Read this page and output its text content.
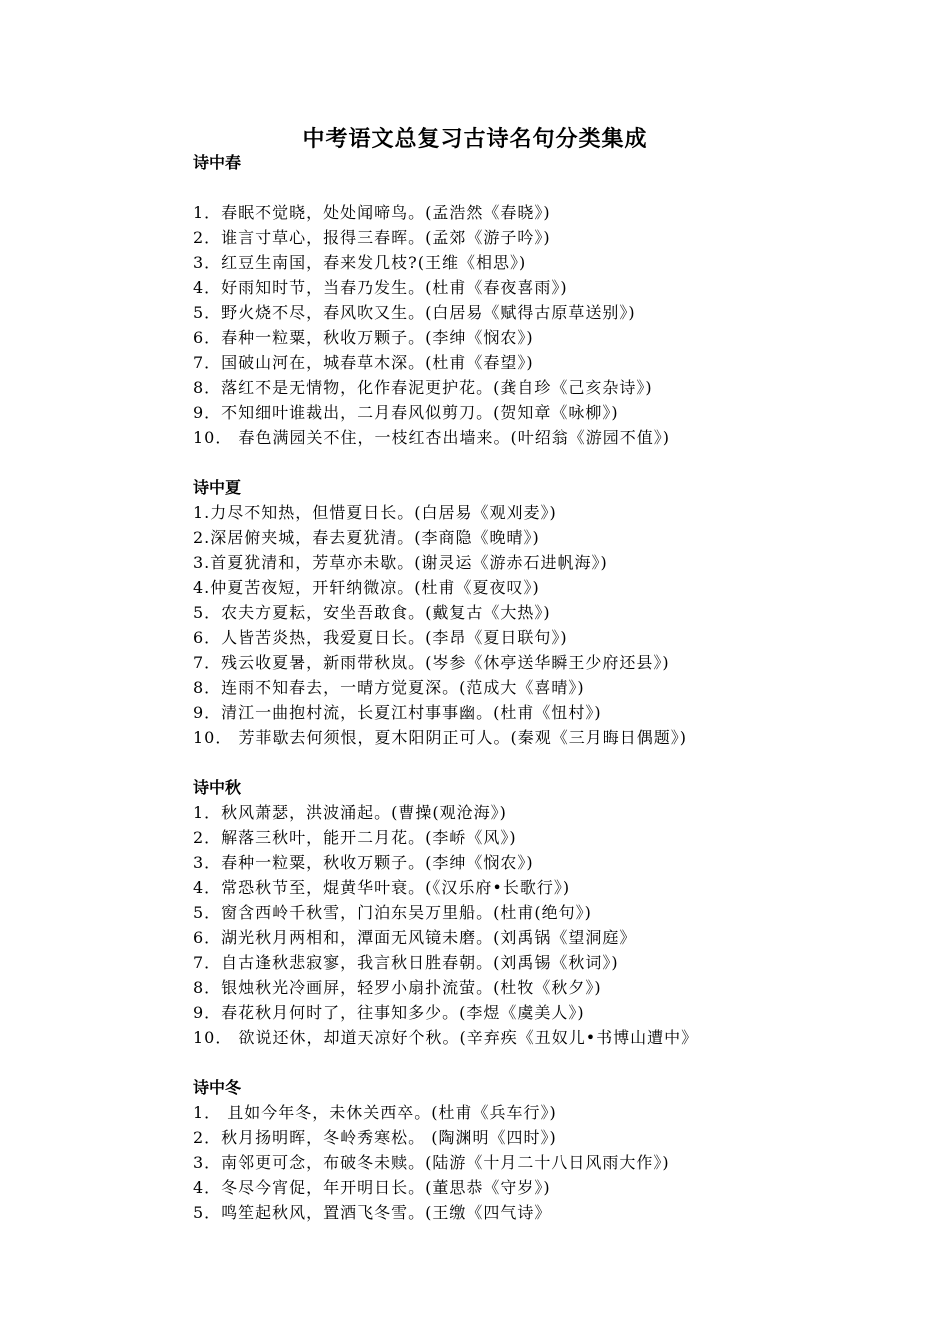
中考语文总复习古诗名句分类集成
诗中春
1．春眠不觉晓，处处闻啼鸟。(孟浩然《春晓》)
2．谁言寸草心，报得三春晖。(孟郊《游子吟》)
3．红豆生南国，春来发几枝?(王维《相思》)
4．好雨知时节，当春乃发生。(杜甫《春夜喜雨》)
5．野火烧不尽，春风吹又生。(白居易《赋得古原草送别》)
6．春种一粒粟，秋收万颗子。(李绅《悯农》)
7．国破山河在，城春草木深。(杜甫《春望》)
8．落红不是无情物，化作春泥更护花。(龚自珍《己亥杂诗》)
9．不知细叶谁裁出，二月春风似剪刀。(贺知章《咏柳》)
10． 春色满园关不住，一枝红杏出墙来。(叶绍翁《游园不值》)
诗中夏
1.力尽不知热，但惜夏日长。(白居易《观刈麦》)
2.深居俯夹城，春去夏犹清。(李商隐《晚晴》)
3.首夏犹清和，芳草亦未歇。(谢灵运《游赤石进帆海》)
4.仲夏苦夜短，开轩纳微凉。(杜甫《夏夜叹》)
5．农夫方夏耘，安坐吾敢食。(戴复古《大热》)
6．人皆苦炎热，我爱夏日长。(李昂《夏日联句》)
7．残云收夏暑，新雨带秋岚。(岑参《休亭送华瞬王少府还县》)
8．连雨不知春去，一晴方觉夏深。(范成大《喜晴》)
9．清江一曲抱村流，长夏江村事事幽。(杜甫《忸村》)
10． 芳菲歇去何须恨，夏木阳阴正可人。(秦观《三月晦日偶题》)
诗中秋
1．秋风萧瑟，洪波涌起。(曹操(观沧海》)
2．解落三秋叶，能开二月花。(李峤《风》)
3．春种一粒粟，秋收万颗子。(李绅《悯农》)
4．常恐秋节至，焜黄华叶衰。(《汉乐府•长歌行》)
5．窗含西岭千秋雪，门泊东吴万里船。(杜甫(绝句》)
6．湖光秋月两相和，潭面无风镜未磨。(刘禹锅《望洞庭》
7．自古逢秋悲寂寥，我言秋日胜春朝。(刘禹锡《秋词》)
8．银烛秋光冷画屏，轻罗小扇扑流萤。(杜牧《秋夕》)
9．春花秋月何时了，往事知多少。(李煜《虞美人》)
10． 欲说还休，却道天凉好个秋。(辛弃疾《丑奴儿•书博山遭中》
诗中冬
1． 且如今年冬，未休关西卒。(杜甫《兵车行》)
2．秋月扬明晖，冬岭秀寒松。 (陶渊明《四时》)
3．南邻更可念，布破冬未赎。(陆游《十月二十八日风雨大作》)
4．冬尽今宵促，年开明日长。(董思恭《守岁》)
5．鸣笙起秋风，置酒飞冬雪。(王缴《四气诗》
